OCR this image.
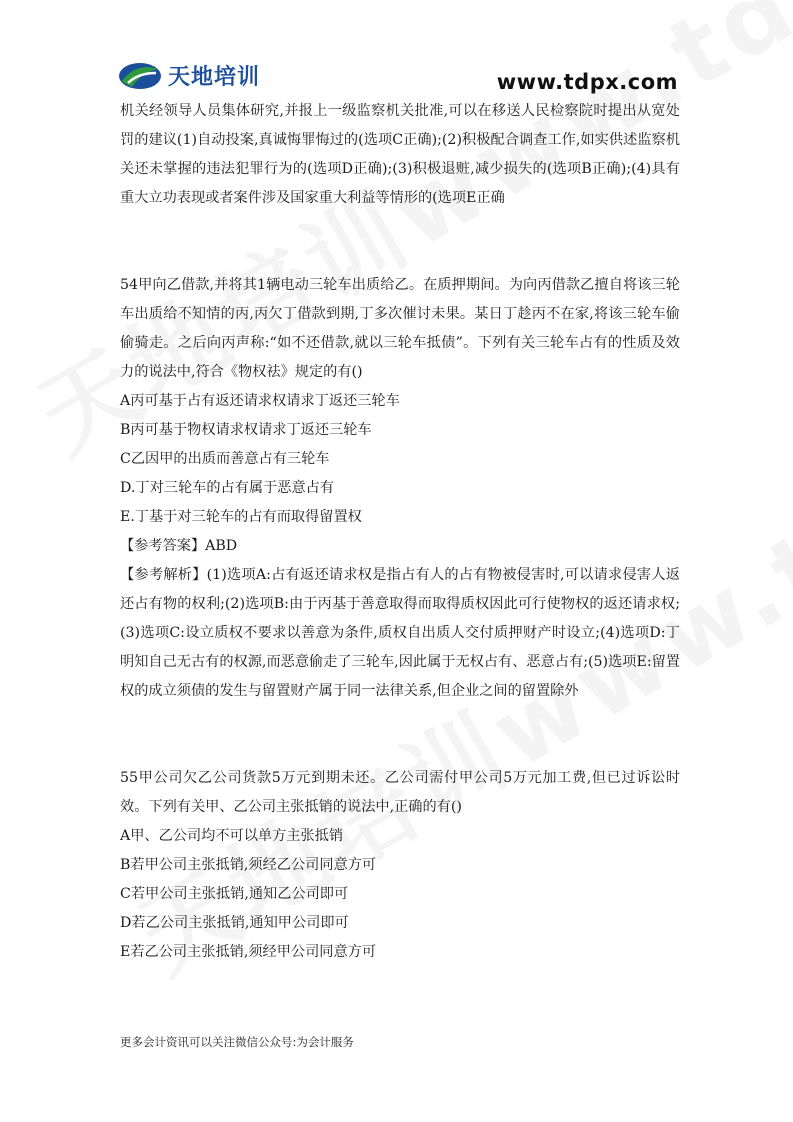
天地培训	www.tdpx.com

机关经领导人员集体研究,并报上一级监察机关批准,可以在移送人民检察院时提出从宽处罚的建议(1)自动投案,真诚悔罪悔过的(选项C正确);(2)积极配合调查工作,如实供述监察机关还未掌握的违法犯罪行为的(选项D正确);(3)积极退赃,减少损失的(选项B正确);(4)具有重大立功表现或者案件涉及国家重大利益等情形的(选项E正确

54甲向乙借款,并将其1辆电动三轮车出质给乙。在质押期间。为向丙借款乙擅自将该三轮车出质给不知情的丙,丙欠丁借款到期,丁多次催讨未果。某日丁趁丙不在家,将该三轮车偷偷骑走。之后向丙声称:“如不还借款,就以三轮车抵债”。下列有关三轮车占有的性质及效力的说法中,符合《物权祛》规定的有()

A丙可基于占有返还请求权请求丁返还三轮车

B丙可基于物权请求权请求丁返还三轮车

C乙因甲的出质而善意占有三轮车

D.丁对三轮车的占有属于恶意占有

E.丁基于对三轮车的占有而取得留置权

【参考答案】ABD

【参考解析】(1)选项A:占有返还请求权是指占有人的占有物被侵害时,可以请求侵害人返还占有物的权利;(2)选项B:由于丙基于善意取得而取得质权因此可行使物权的返还请求权;(3)选项C:设立质权不要求以善意为条件,质权自出质人交付质押财产时设立;(4)选项D:丁明知自己无古有的权源,而恶意偷走了三轮车,因此属于无权占有、恶意占有;(5)选项E:留置权的成立须债的发生与留置财产属于同一法律关系,但企业之间的留置除外

55甲公司欠乙公司货款5万元到期未还。乙公司需付甲公司5万元加工费,但已过诉讼时效。下列有关甲、乙公司主张抵销的说法中,正确的有()

A甲、乙公司均不可以单方主张抵销

B若甲公司主张抵销,须经乙公司同意方可

C若甲公司主张抵销,通知乙公司即可

D若乙公司主张抵销,通知甲公司即可

E若乙公司主张抵销,须经甲公司同意方可

更多会计资讯可以关注微信公众号:为会计服务
